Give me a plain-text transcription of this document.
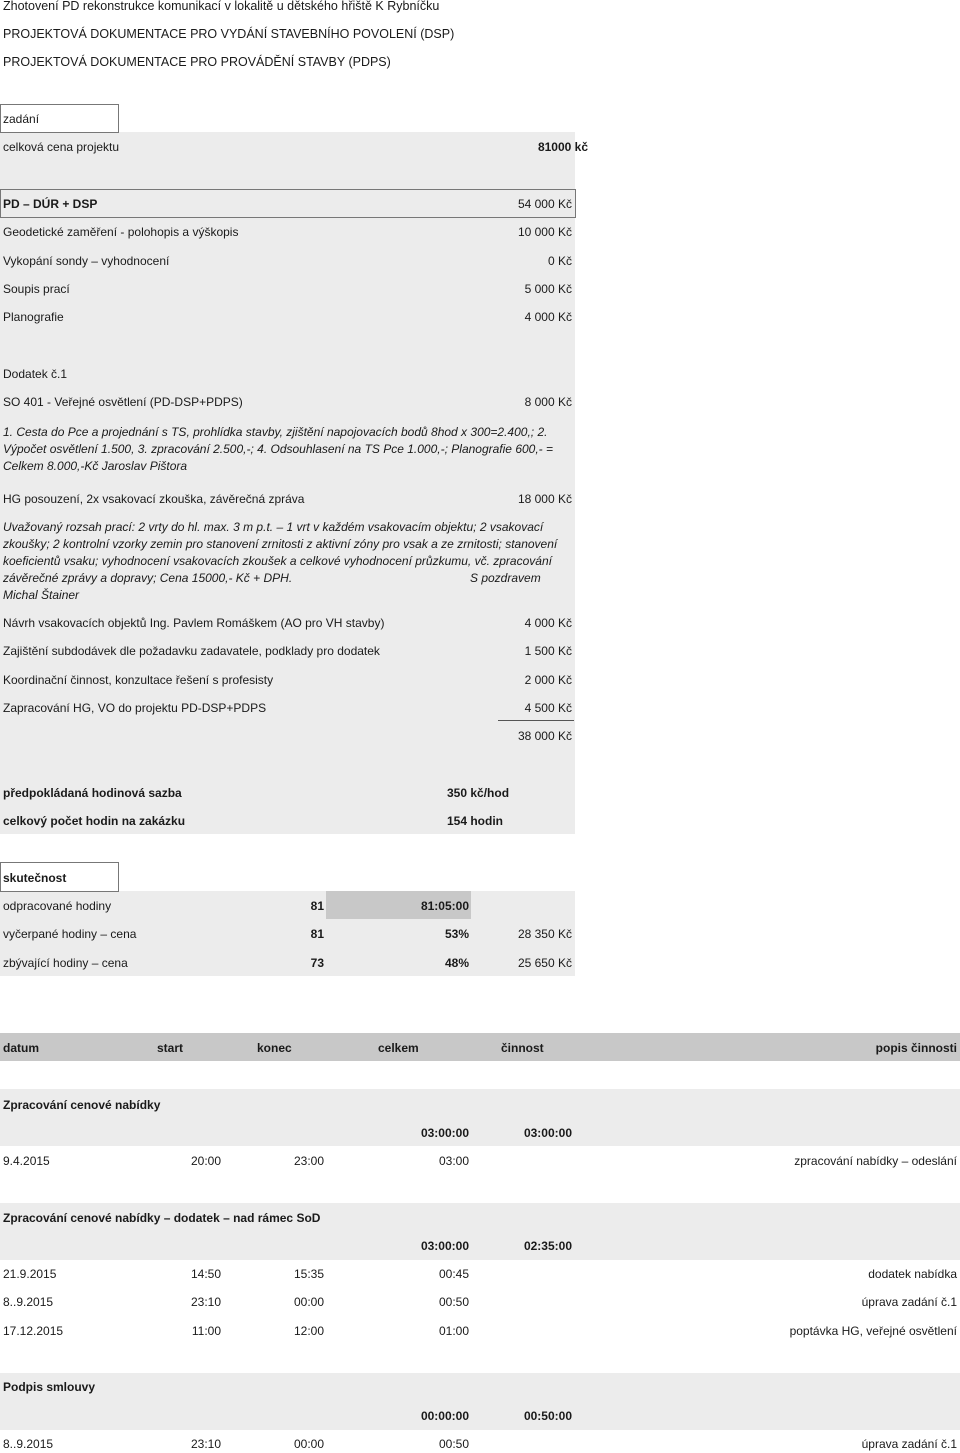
Zhotovení PD rekonstrukce komunikací v lokalitě u dětského hřiště K Rybníčku
PROJEKTOVÁ DOKUMENTACE PRO VYDÁNÍ STAVEBNÍHO POVOLENÍ (DSP)
PROJEKTOVÁ DOKUMENTACE PRO PROVÁDĚNÍ STAVBY (PDPS)
zadání
celková cena projektu	81000 kč
PD – DÚR + DSP	54 000 Kč
Geodetické zaměření - polohopis a výškopis	10 000 Kč
Vykopání sondy – vyhodnocení	0 Kč
Soupis prací	5 000 Kč
Planografie	4 000 Kč
Dodatek č.1
SO 401 - Veřejné osvětlení (PD-DSP+PDPS)	8 000 Kč
1. Cesta do Pce a projednání s TS, prohlídka stavby, zjištění napojovacích bodů 8hod x 300=2.400,; 2. Výpočet osvětlení 1.500, 3. zpracování 2.500,-; 4. Odsouhlasení na TS Pce 1.000,-; Planografie 600,- = Celkem 8.000,-Kč Jaroslav Pištora
HG posouzení, 2x vsakovací zkouška, závěrečná zpráva	18 000 Kč
Uvažovaný rozsah prací: 2 vrty do hl. max. 3 m p.t. – 1 vrt v každém vsakovacím objektu; 2 vsakovací zkoušky; 2 kontrolní vzorky zemin pro stanovení zrnitosti z aktivní zóny pro vsak a ze zrnitosti; stanovení koeficientů vsaku; vyhodnocení vsakovacích zkoušek a celkové vyhodnocení průzkumu, vč. zpracování závěrečné zprávy a dopravy; Cena 15000,- Kč + DPH.	S pozdravem
Michal Štainer
Návrh vsakovacích objektů Ing. Pavlem Romáškem (AO pro VH stavby)	4 000 Kč
Zajištění subdodávek dle požadavku zadavatele, podklady pro dodatek	1 500 Kč
Koordinační činnost, konzultace řešení s profesisty	2 000 Kč
Zapracování HG, VO do projektu PD-DSP+PDPS	4 500 Kč
38 000 Kč
předpokládaná hodinová sazba	350 kč/hod
celkový počet hodin na zakázku	154 hodin
skutečnost
odpracované hodiny	81	81:05:00
vyčerpané hodiny – cena	81	53%	28 350 Kč
zbývající hodiny – cena	73	48%	25 650 Kč
datum	start	konec	celkem	činnost	popis činnosti
Zpracování cenové nabídky
03:00:00	03:00:00
9.4.2015	20:00	23:00	03:00	zpracování nabídky – odeslání
Zpracování cenové nabídky – dodatek – nad rámec SoD
03:00:00	02:35:00
21.9.2015	14:50	15:35	00:45	dodatek nabídka
8..9.2015	23:10	00:00	00:50	úprava zadání č.1
17.12.2015	11:00	12:00	01:00	poptávka HG, veřejné osvětlení
Podpis smlouvy
00:00:00	00:50:00
8..9.2015	23:10	00:00	00:50	úprava zadání č.1
